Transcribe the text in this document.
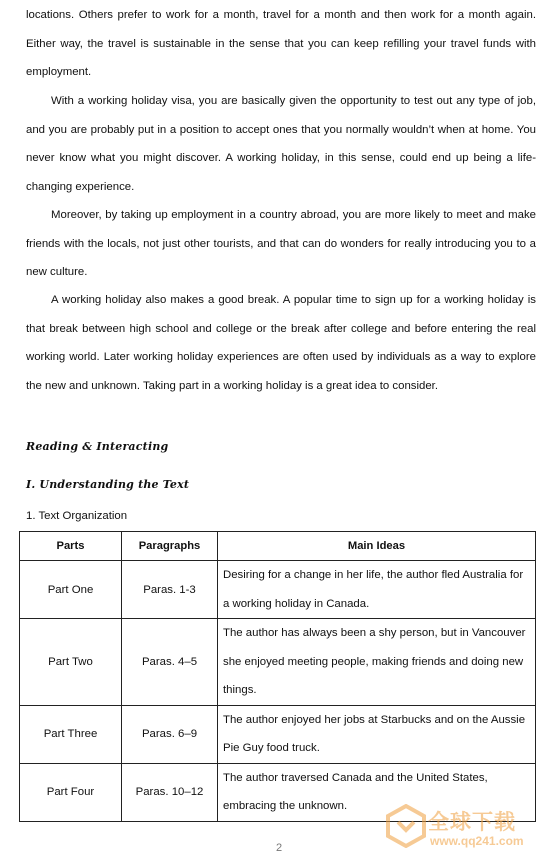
locations. Others prefer to work for a month, travel for a month and then work for a month again. Either way, the travel is sustainable in the sense that you can keep refilling your travel funds with employment.

With a working holiday visa, you are basically given the opportunity to test out any type of job, and you are probably put in a position to accept ones that you normally wouldn’t when at home. You never know what you might discover. A working holiday, in this sense, could end up being a life-changing experience.

Moreover, by taking up employment in a country abroad, you are more likely to meet and make friends with the locals, not just other tourists, and that can do wonders for really introducing you to a new culture.

A working holiday also makes a good break. A popular time to sign up for a working holiday is that break between high school and college or the break after college and before entering the real working world. Later working holiday experiences are often used by individuals as a way to explore the new and unknown. Taking part in a working holiday is a great idea to consider.

Reading & Interacting
I. Understanding the Text

1. Text Organization

Parts	Paragraphs	Main Ideas
Part One	Paras. 1-3	Desiring for a change in her life, the author fled Australia for a working holiday in Canada.
Part Two	Paras. 4–5	The author has always been a shy person, but in Vancouver she enjoyed meeting people, making friends and doing new things.
Part Three	Paras. 6–9	The author enjoyed her jobs at Starbucks and on the Aussie Pie Guy food truck.
Part Four	Paras. 10–12	The author traversed Canada and the United States, embracing the unknown.

2

全球下载
www.qq241.com
